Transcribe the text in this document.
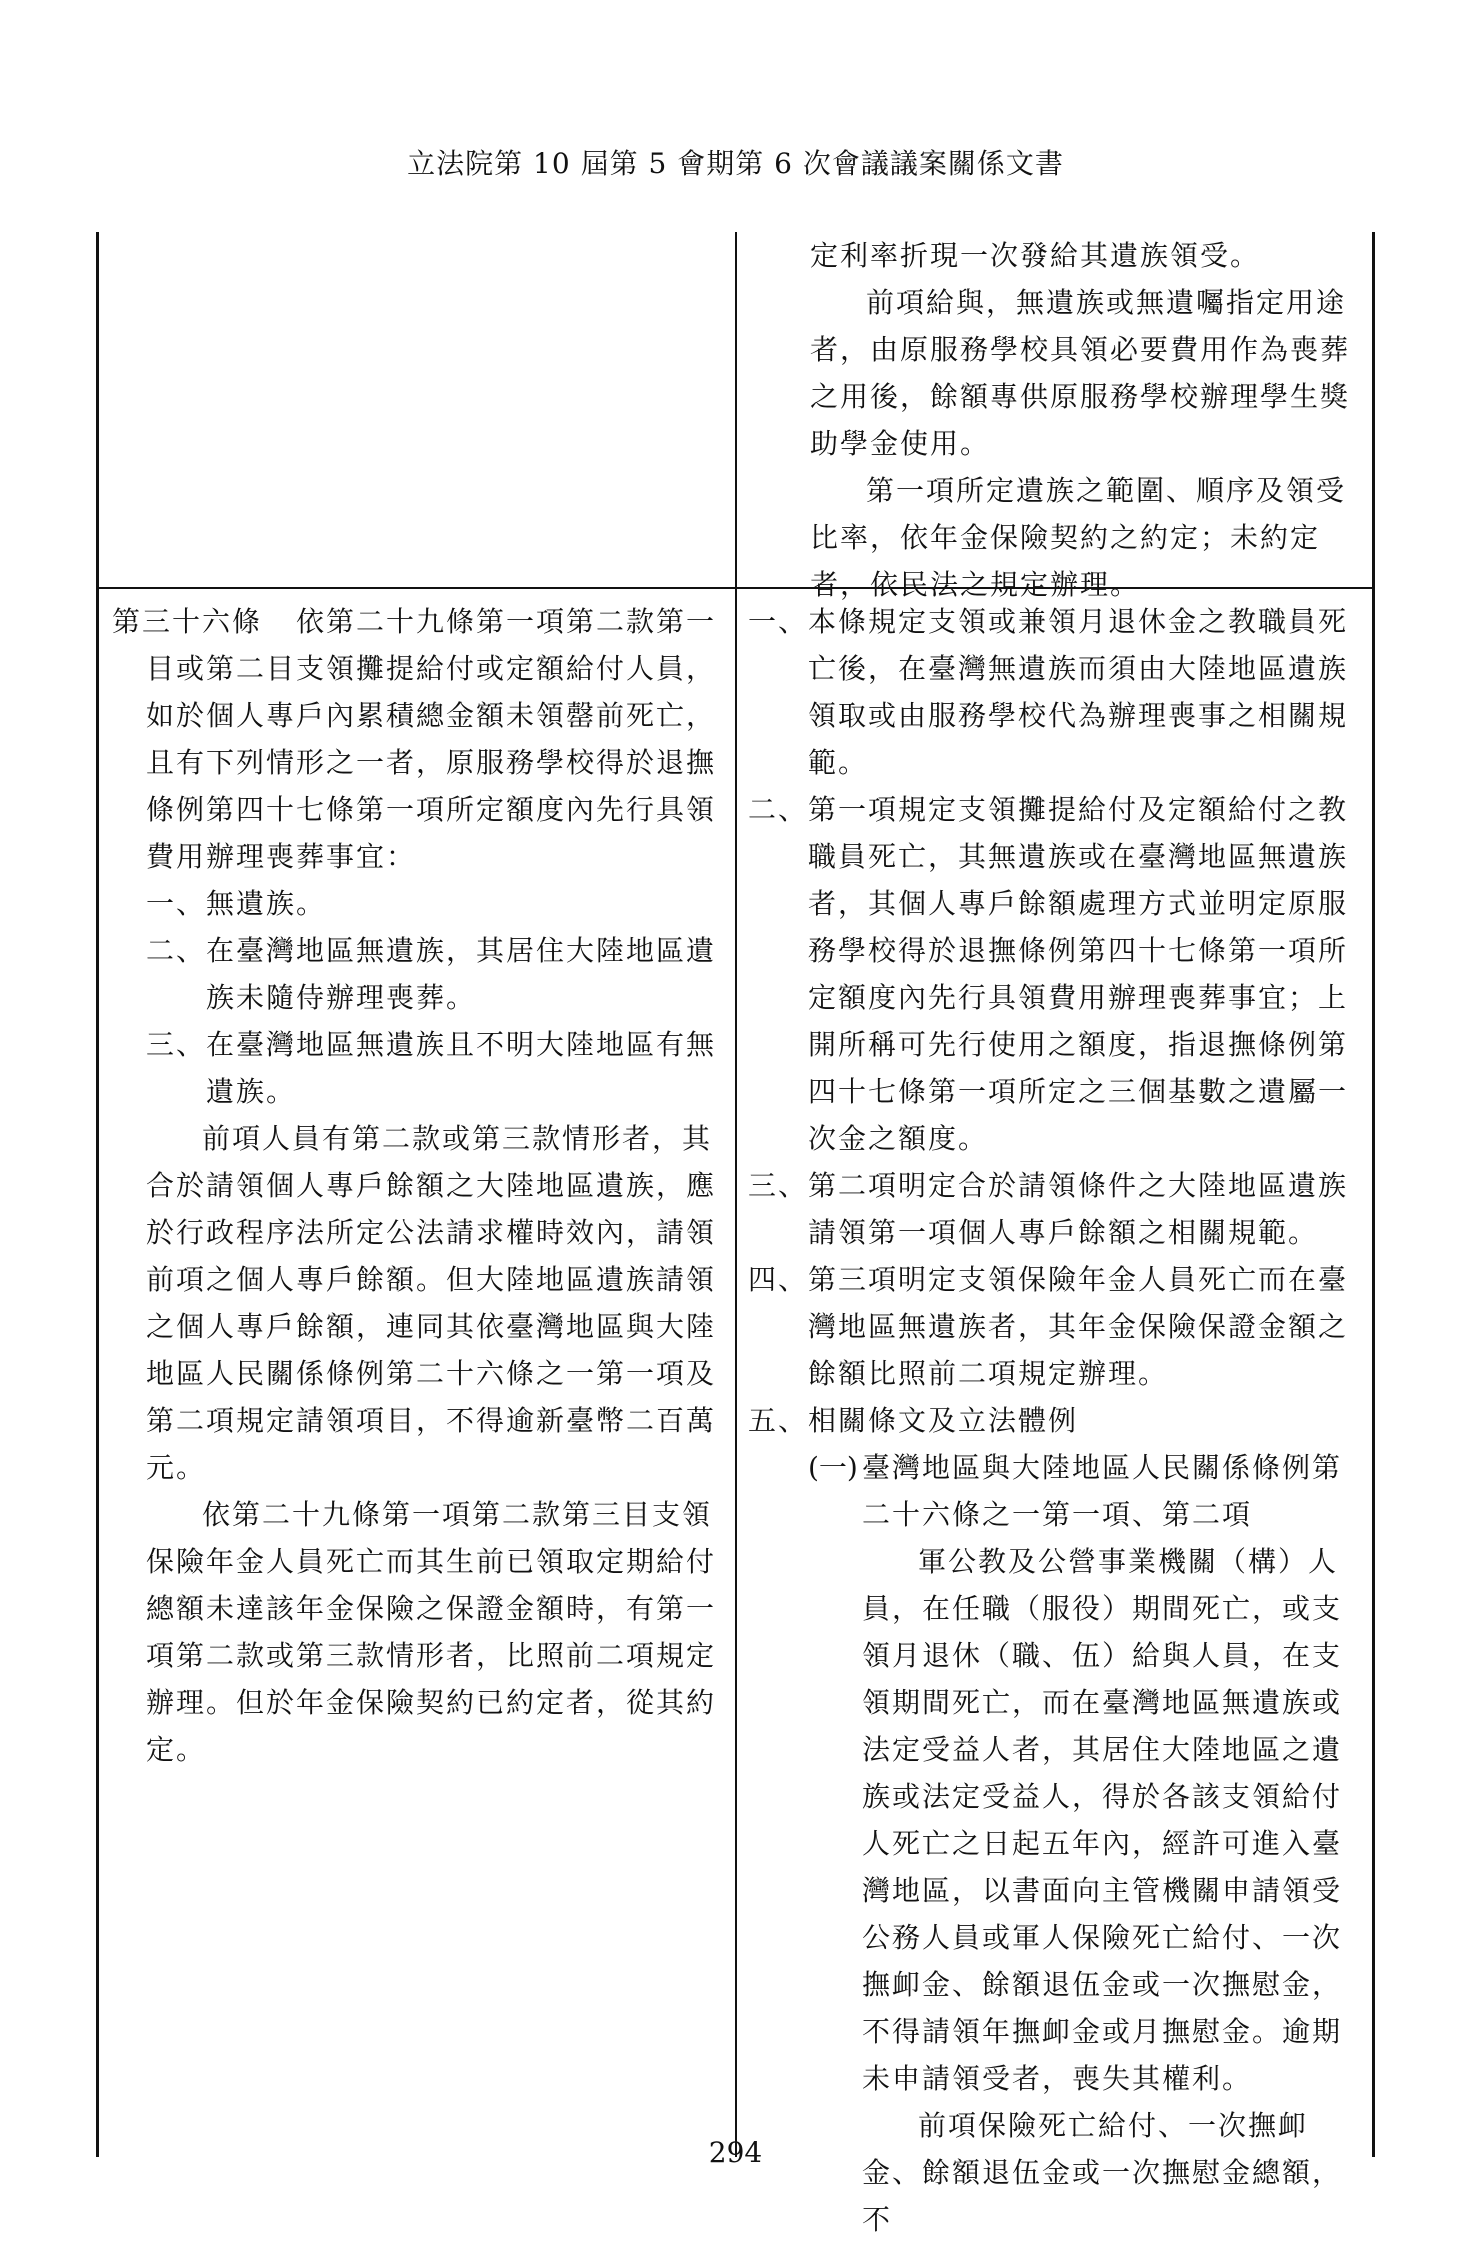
立法院第 10 屆第 5 會期第 6 次會議議案關係文書

定利率折現一次發給其遺族領受。

前項給與，無遺族或無遺囑指定用途者，由原服務學校具領必要費用作為喪葬之用後，餘額專供原服務學校辦理學生獎助學金使用。

第一項所定遺族之範圍、順序及領受比率，依年金保險契約之約定；未約定者，依民法之規定辦理。

第三十六條	依第二十九條第一項第二款第一目或第二目支領攤提給付或定額給付人員，如於個人專戶內累積總金額未領罄前死亡，且有下列情形之一者，原服務學校得於退撫條例第四十七條第一項所定額度內先行具領費用辦理喪葬事宜：

一、 無遺族。
二、 在臺灣地區無遺族，其居住大陸地區遺族未隨侍辦理喪葬。
三、 在臺灣地區無遺族且不明大陸地區有無遺族。

前項人員有第二款或第三款情形者，其合於請領個人專戶餘額之大陸地區遺族，應於行政程序法所定公法請求權時效內，請領前項之個人專戶餘額。但大陸地區遺族請領之個人專戶餘額，連同其依臺灣地區與大陸地區人民關係條例第二十六條之一第一項及第二項規定請領項目，不得逾新臺幣二百萬元。

依第二十九條第一項第二款第三目支領保險年金人員死亡而其生前已領取定期給付總額未達該年金保險之保證金額時，有第一項第二款或第三款情形者，比照前二項規定辦理。但於年金保險契約已約定者，從其約定。

一、 本條規定支領或兼領月退休金之教職員死亡後，在臺灣無遺族而須由大陸地區遺族領取或由服務學校代為辦理喪事之相關規範。
二、 第一項規定支領攤提給付及定額給付之教職員死亡，其無遺族或在臺灣地區無遺族者，其個人專戶餘額處理方式並明定原服務學校得於退撫條例第四十七條第一項所定額度內先行具領費用辦理喪葬事宜；上開所稱可先行使用之額度，指退撫條例第四十七條第一項所定之三個基數之遺屬一次金之額度。
三、 第二項明定合於請領條件之大陸地區遺族請領第一項個人專戶餘額之相關規範。
四、 第三項明定支領保險年金人員死亡而在臺灣地區無遺族者，其年金保險保證金額之餘額比照前二項規定辦理。
五、 相關條文及立法體例
(一) 臺灣地區與大陸地區人民關係條例第二十六條之一第一項、第二項

軍公教及公營事業機關（構）人員，在任職（服役）期間死亡，或支領月退休（職、伍）給與人員，在支領期間死亡，而在臺灣地區無遺族或法定受益人者，其居住大陸地區之遺族或法定受益人，得於各該支領給付人死亡之日起五年內，經許可進入臺灣地區，以書面向主管機關申請領受公務人員或軍人保險死亡給付、一次撫卹金、餘額退伍金或一次撫慰金，不得請領年撫卹金或月撫慰金。逾期未申請領受者，喪失其權利。

前項保險死亡給付、一次撫卹金、餘額退伍金或一次撫慰金總額，不

294
